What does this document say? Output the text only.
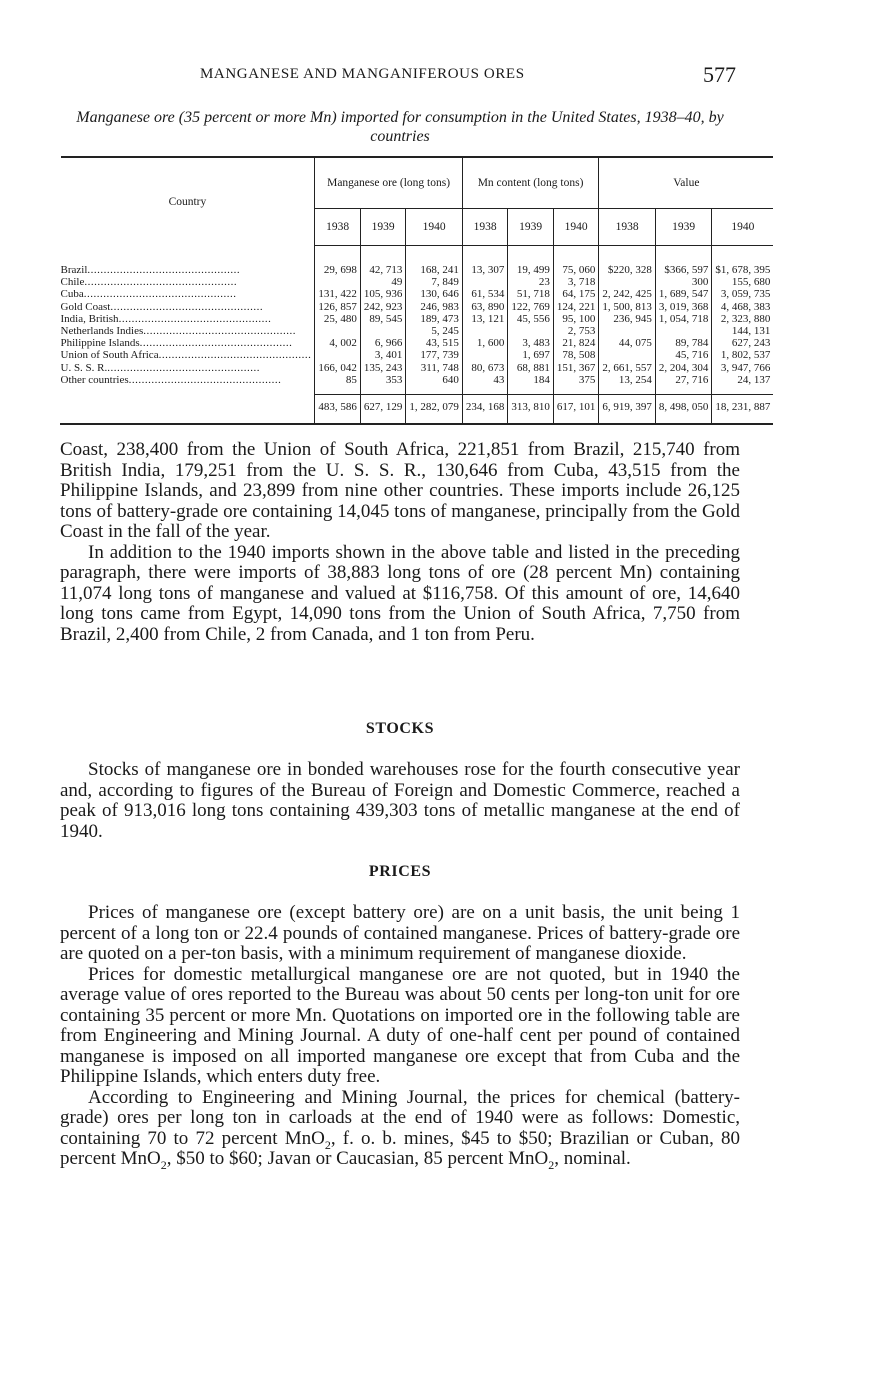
MANGANESE AND MANGANIFEROUS ORES	577
Manganese ore (35 percent or more Mn) imported for consumption in the United States, 1938–40, by countries
Country	Manganese ore (long tons)			Mn content (long tons)			Value		
	1938	1939	1940	1938	1939	1940	1938	1939	1940
Brazil .....	29, 698	42, 713	168, 241	13, 307	19, 499	75, 060	$220, 328	$366, 597	$1, 678, 395
Chile .....		49	7, 849		23	3, 718		300	155, 680
Cuba .....	131, 422	105, 936	130, 646	61, 534	51, 718	64, 175	2, 242, 425	1, 689, 547	3, 059, 735
Gold Coast .....	126, 857	242, 923	246, 983	63, 890	122, 769	124, 221	1, 500, 813	3, 019, 368	4, 468, 383
India, British .....	25, 480	89, 545	189, 473	13, 121	45, 556	95, 100	236, 945	1, 054, 718	2, 323, 880
Netherlands Indies .....			5, 245			2, 753			144, 131
Philippine Islands .....	4, 002	6, 966	43, 515	1, 600	3, 483	21, 824	44, 075	89, 784	627, 243
Union of South Africa .....		3, 401	177, 739		1, 697	78, 508		45, 716	1, 802, 537
U. S. S. R. .....	166, 042	135, 243	311, 748	80, 673	68, 881	151, 367	2, 661, 557	2, 204, 304	3, 947, 766
Other countries .....	85	353	640	43	184	375	13, 254	27, 716	24, 137
	483, 586	627, 129	1, 282, 079	234, 168	313, 810	617, 101	6, 919, 397	8, 498, 050	18, 231, 887

Coast, 238,400 from the Union of South Africa, 221,851 from Brazil, 215,740 from British India, 179,251 from the U. S. S. R., 130,646 from Cuba, 43,515 from the Philippine Islands, and 23,899 from nine other countries. These imports include 26,125 tons of battery-grade ore containing 14,045 tons of manganese, principally from the Gold Coast in the fall of the year.

In addition to the 1940 imports shown in the above table and listed in the preceding paragraph, there were imports of 38,883 long tons of ore (28 percent Mn) containing 11,074 long tons of manganese and valued at $116,758. Of this amount of ore, 14,640 long tons came from Egypt, 14,090 tons from the Union of South Africa, 7,750 from Brazil, 2,400 from Chile, 2 from Canada, and 1 ton from Peru.

STOCKS

Stocks of manganese ore in bonded warehouses rose for the fourth consecutive year and, according to figures of the Bureau of Foreign and Domestic Commerce, reached a peak of 913,016 long tons containing 439,303 tons of metallic manganese at the end of 1940.

PRICES

Prices of manganese ore (except battery ore) are on a unit basis, the unit being 1 percent of a long ton or 22.4 pounds of contained manganese. Prices of battery-grade ore are quoted on a per-ton basis, with a minimum requirement of manganese dioxide.

Prices for domestic metallurgical manganese ore are not quoted, but in 1940 the average value of ores reported to the Bureau was about 50 cents per long-ton unit for ore containing 35 percent or more Mn. Quotations on imported ore in the following table are from Engineering and Mining Journal. A duty of one-half cent per pound of contained manganese is imposed on all imported manganese ore except that from Cuba and the Philippine Islands, which enters duty free.

According to Engineering and Mining Journal, the prices for chemical (battery-grade) ores per long ton in carloads at the end of 1940 were as follows: Domestic, containing 70 to 72 percent MnO$_2$, f. o. b. mines, $45 to $50; Brazilian or Cuban, 80 percent MnO$_2$, $50 to $60; Javan or Caucasian, 85 percent MnO$_2$, nominal.
